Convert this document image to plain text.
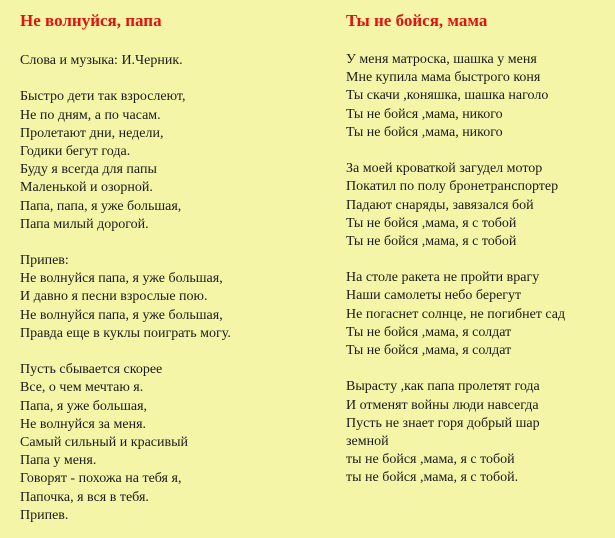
Не волнуйся, папа
Слова и музыка: И.Черник.
Быстро дети так взрослеют,
Не по дням, а по часам.
Пролетают дни, недели,
Годики бегут года.
Буду я всегда для папы
Маленькой и озорной.
Папа, папа, я уже большая,
Папа милый дорогой.
Припев:
Не волнуйся папа, я уже большая,
И давно я песни взрослые пою.
Не волнуйся папа, я уже большая,
Правда еще в куклы поиграть могу.
Пусть сбывается скорее
Все, о чем мечтаю я.
Папа, я уже большая,
Не волнуйся за меня.
Самый сильный и красивый
Папа у меня.
Говорят - похожа на тебя я,
Папочка, я вся в тебя.
Припев.
Ты не бойся, мама
У меня матроска, шашка у меня
Мне купила мама быстрого коня
Ты скачи ,коняшка, шашка наголо
Ты не бойся ,мама, никого
Ты не бойся ,мама, никого
За моей кроваткой загудел мотор
Покатил по полу бронетранспортер
Падают снаряды, завязался бой
Ты не бойся ,мама, я с тобой
Ты не бойся ,мама, я с тобой
На столе ракета не пройти врагу
Наши самолеты небо берегут
Не погаснет солнце, не погибнет сад
Ты не бойся ,мама, я солдат
Ты не бойся ,мама, я солдат
Вырасту ,как папа пролетят года
И отменят войны люди навсегда
Пусть не знает горя добрый шар
земной
ты не бойся ,мама, я с тобой
ты не бойся ,мама, я с тобой.
